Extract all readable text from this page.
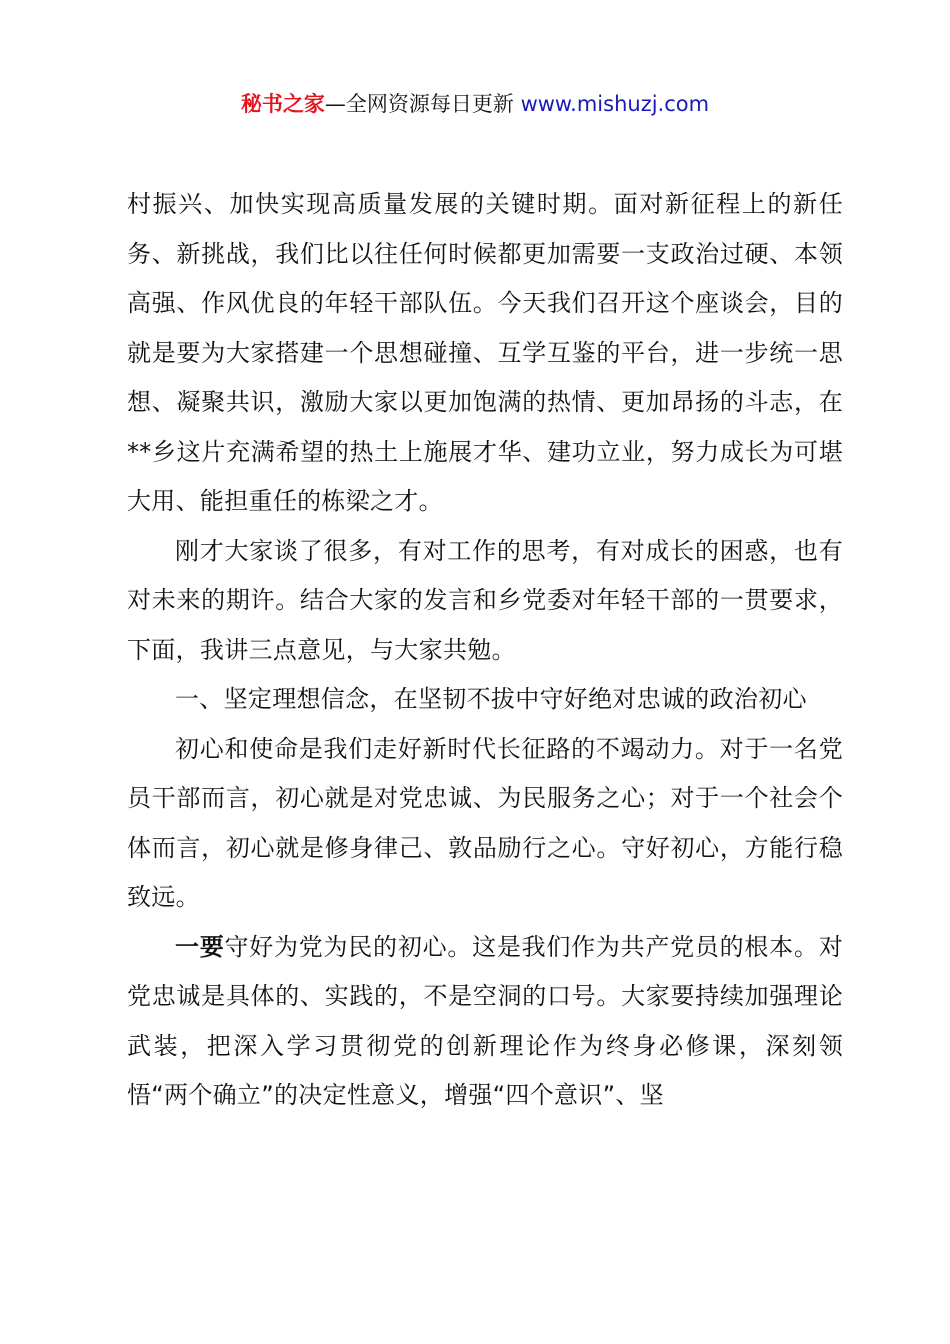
秘书之家—全网资源每日更新 www.mishuzj.com

村振兴、加快实现高质量发展的关键时期。面对新征程上的新任务、新挑战，我们比以往任何时候都更加需要一支政治过硬、本领高强、作风优良的年轻干部队伍。今天我们召开这个座谈会，目的就是要为大家搭建一个思想碰撞、互学互鉴的平台，进一步统一思想、凝聚共识，激励大家以更加饱满的热情、更加昂扬的斗志，在**乡这片充满希望的热土上施展才华、建功立业，努力成长为可堪大用、能担重任的栋梁之才。

刚才大家谈了很多，有对工作的思考，有对成长的困惑，也有对未来的期许。结合大家的发言和乡党委对年轻干部的一贯要求，下面，我讲三点意见，与大家共勉。

一、坚定理想信念，在坚韧不拔中守好绝对忠诚的政治初心

初心和使命是我们走好新时代长征路的不竭动力。对于一名党员干部而言，初心就是对党忠诚、为民服务之心；对于一个社会个体而言，初心就是修身律己、敦品励行之心。守好初心，方能行稳致远。

一要守好为党为民的初心。这是我们作为共产党员的根本。对党忠诚是具体的、实践的，不是空洞的口号。大家要持续加强理论武装，把深入学习贯彻党的创新理论作为终身必修课，深刻领悟“两个确立”的决定性意义，增强“四个意识”、坚
